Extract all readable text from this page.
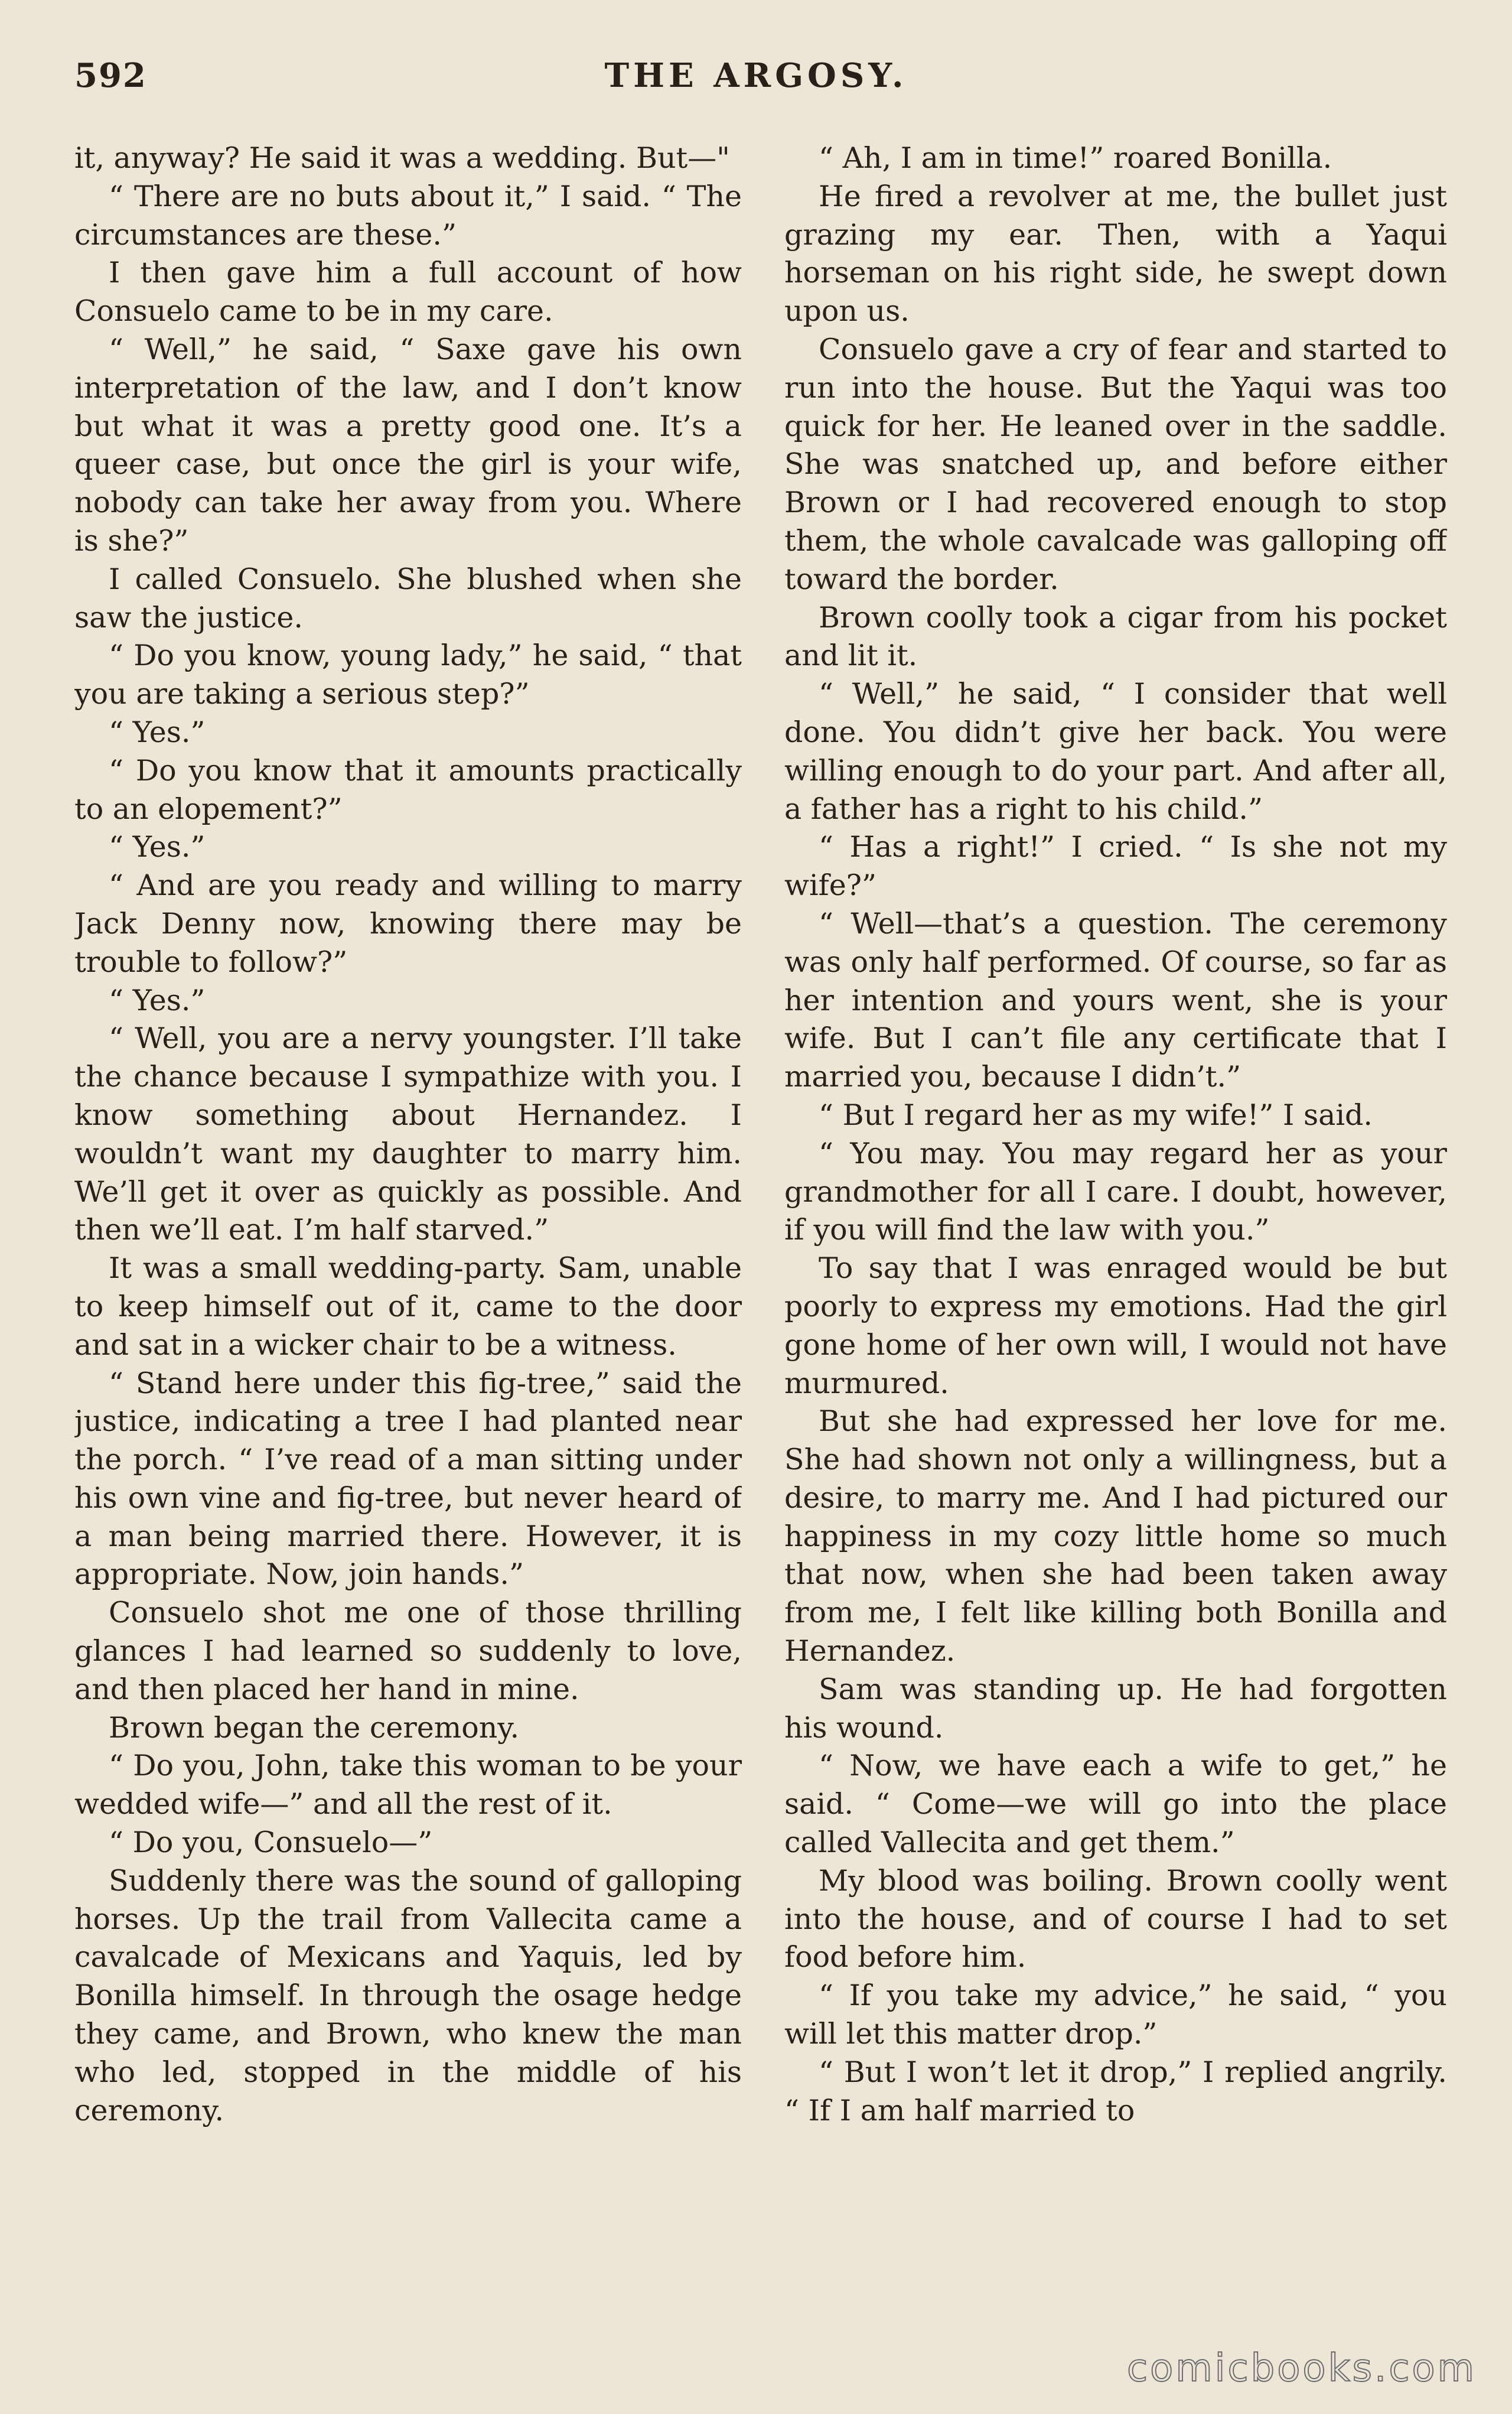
592	THE ARGOSY.

it, anyway? He said it was a wedding. But—"

“ There are no buts about it,” I said. “ The circumstances are these.”

I then gave him a full account of how Consuelo came to be in my care.

“ Well,” he said, “ Saxe gave his own interpretation of the law, and I don’t know but what it was a pretty good one. It’s a queer case, but once the girl is your wife, nobody can take her away from you. Where is she?”

I called Consuelo. She blushed when she saw the justice.

“ Do you know, young lady,” he said, “ that you are taking a serious step?”

“ Yes.”

“ Do you know that it amounts practically to an elopement?”

“ Yes.”

“ And are you ready and willing to marry Jack Denny now, knowing there may be trouble to follow?”

“ Yes.”

“ Well, you are a nervy youngster. I’ll take the chance because I sympathize with you. I know something about Hernandez. I wouldn’t want my daughter to marry him. We’ll get it over as quickly as possible. And then we’ll eat. I’m half starved.”

It was a small wedding-party. Sam, unable to keep himself out of it, came to the door and sat in a wicker chair to be a witness.

“ Stand here under this fig-tree,” said the justice, indicating a tree I had planted near the porch. “ I’ve read of a man sitting under his own vine and fig-tree, but never heard of a man being married there. However, it is appropriate. Now, join hands.”

Consuelo shot me one of those thrilling glances I had learned so suddenly to love, and then placed her hand in mine.

Brown began the ceremony.

“ Do you, John, take this woman to be your wedded wife—” and all the rest of it.

“ Do you, Consuelo—”

Suddenly there was the sound of galloping horses. Up the trail from Vallecita came a cavalcade of Mexicans and Yaquis, led by Bonilla himself. In through the osage hedge they came, and Brown, who knew the man who led, stopped in the middle of his ceremony.

“ Ah, I am in time!” roared Bonilla.

He fired a revolver at me, the bullet just grazing my ear. Then, with a Yaqui horseman on his right side, he swept down upon us.

Consuelo gave a cry of fear and started to run into the house. But the Yaqui was too quick for her. He leaned over in the saddle. She was snatched up, and before either Brown or I had recovered enough to stop them, the whole cavalcade was galloping off toward the border.

Brown coolly took a cigar from his pocket and lit it.

“ Well,” he said, “ I consider that well done. You didn’t give her back. You were willing enough to do your part. And after all, a father has a right to his child.”

“ Has a right!” I cried. “ Is she not my wife?”

“ Well—that’s a question. The ceremony was only half performed. Of course, so far as her intention and yours went, she is your wife. But I can’t file any certificate that I married you, because I didn’t.”

“ But I regard her as my wife!” I said.

“ You may. You may regard her as your grandmother for all I care. I doubt, however, if you will find the law with you.”

To say that I was enraged would be but poorly to express my emotions. Had the girl gone home of her own will, I would not have murmured.

But she had expressed her love for me. She had shown not only a willingness, but a desire, to marry me. And I had pictured our happiness in my cozy little home so much that now, when she had been taken away from me, I felt like killing both Bonilla and Hernandez.

Sam was standing up. He had forgotten his wound.

“ Now, we have each a wife to get,” he said. “ Come—we will go into the place called Vallecita and get them.”

My blood was boiling. Brown coolly went into the house, and of course I had to set food before him.

“ If you take my advice,” he said, “ you will let this matter drop.”

“ But I won’t let it drop,” I replied angrily. “ If I am half married to

comicbooks.com
